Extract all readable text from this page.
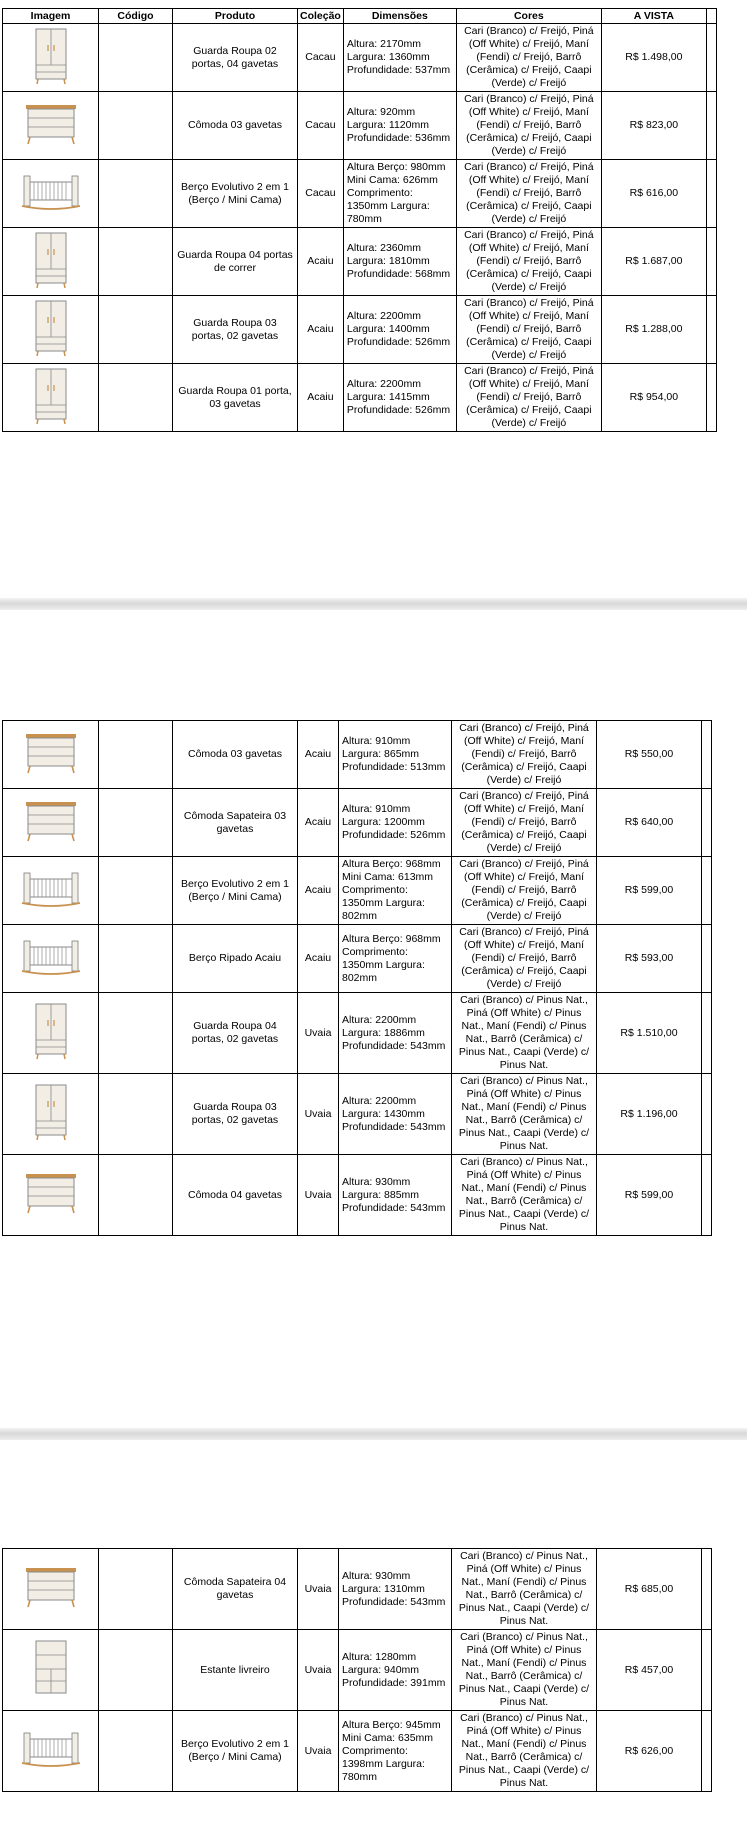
Imagem	Código	Produto	Coleção	Dimensões	Cores	A VISTA	

		Guarda Roupa 02 portas, 04 gavetas	Cacau	Altura: 2170mm Largura: 1360mm Profundidade: 537mm	Cari (Branco) c/ Freijó, Piná (Off White) c/ Freijó, Maní (Fendi) c/ Freijó, Barrô (Cerâmica) c/ Freijó, Caapi (Verde) c/ Freijó	R$ 1.498,00	

		Cômoda 03 gavetas	Cacau	Altura: 920mm Largura: 1120mm Profundidade: 536mm	Cari (Branco) c/ Freijó, Piná (Off White) c/ Freijó, Maní (Fendi) c/ Freijó, Barrô (Cerâmica) c/ Freijó, Caapi (Verde) c/ Freijó	R$ 823,00	

		Berço Evolutivo 2 em 1 (Berço / Mini Cama)	Cacau	Altura Berço: 980mm Mini Cama: 626mm Comprimento: 1350mm Largura: 780mm	Cari (Branco) c/ Freijó, Piná (Off White) c/ Freijó, Maní (Fendi) c/ Freijó, Barrô (Cerâmica) c/ Freijó, Caapi (Verde) c/ Freijó	R$ 616,00	

		Guarda Roupa 04 portas de correr	Acaiu	Altura: 2360mm Largura: 1810mm Profundidade: 568mm	Cari (Branco) c/ Freijó, Piná (Off White) c/ Freijó, Maní (Fendi) c/ Freijó, Barrô (Cerâmica) c/ Freijó, Caapi (Verde) c/ Freijó	R$ 1.687,00	

		Guarda Roupa 03 portas, 02 gavetas	Acaiu	Altura: 2200mm Largura: 1400mm Profundidade: 526mm	Cari (Branco) c/ Freijó, Piná (Off White) c/ Freijó, Maní (Fendi) c/ Freijó, Barrô (Cerâmica) c/ Freijó, Caapi (Verde) c/ Freijó	R$ 1.288,00	

		Guarda Roupa 01 porta, 03 gavetas	Acaiu	Altura: 2200mm Largura: 1415mm Profundidade: 526mm	Cari (Branco) c/ Freijó, Piná (Off White) c/ Freijó, Maní (Fendi) c/ Freijó, Barrô (Cerâmica) c/ Freijó, Caapi (Verde) c/ Freijó	R$ 954,00	
		Cômoda 03 gavetas	Acaiu	Altura: 910mm Largura: 865mm Profundidade: 513mm	Cari (Branco) c/ Freijó, Piná (Off White) c/ Freijó, Maní (Fendi) c/ Freijó, Barrô (Cerâmica) c/ Freijó, Caapi (Verde) c/ Freijó	R$ 550,00	

		Cômoda Sapateira 03 gavetas	Acaiu	Altura: 910mm Largura: 1200mm Profundidade: 526mm	Cari (Branco) c/ Freijó, Piná (Off White) c/ Freijó, Maní (Fendi) c/ Freijó, Barrô (Cerâmica) c/ Freijó, Caapi (Verde) c/ Freijó	R$ 640,00	

		Berço Evolutivo 2 em 1 (Berço / Mini Cama)	Acaiu	Altura Berço: 968mm Mini Cama: 613mm Comprimento: 1350mm Largura: 802mm	Cari (Branco) c/ Freijó, Piná (Off White) c/ Freijó, Maní (Fendi) c/ Freijó, Barrô (Cerâmica) c/ Freijó, Caapi (Verde) c/ Freijó	R$ 599,00	

		Berço Ripado Acaiu	Acaiu	Altura Berço: 968mm Comprimento: 1350mm Largura: 802mm	Cari (Branco) c/ Freijó, Piná (Off White) c/ Freijó, Maní (Fendi) c/ Freijó, Barrô (Cerâmica) c/ Freijó, Caapi (Verde) c/ Freijó	R$ 593,00	

		Guarda Roupa 04 portas, 02 gavetas	Uvaia	Altura: 2200mm Largura: 1886mm Profundidade: 543mm	Cari (Branco) c/ Pinus Nat., Piná (Off White) c/ Pinus Nat., Maní (Fendi) c/ Pinus Nat., Barrô (Cerâmica) c/ Pinus Nat., Caapi (Verde) c/ Pinus Nat.	R$ 1.510,00	

		Guarda Roupa 03 portas, 02 gavetas	Uvaia	Altura: 2200mm Largura: 1430mm Profundidade: 543mm	Cari (Branco) c/ Pinus Nat., Piná (Off White) c/ Pinus Nat., Maní (Fendi) c/ Pinus Nat., Barrô (Cerâmica) c/ Pinus Nat., Caapi (Verde) c/ Pinus Nat.	R$ 1.196,00	

		Cômoda 04 gavetas	Uvaia	Altura: 930mm Largura: 885mm Profundidade: 543mm	Cari (Branco) c/ Pinus Nat., Piná (Off White) c/ Pinus Nat., Maní (Fendi) c/ Pinus Nat., Barrô (Cerâmica) c/ Pinus Nat., Caapi (Verde) c/ Pinus Nat.	R$ 599,00	
		Cômoda Sapateira 04 gavetas	Uvaia	Altura: 930mm Largura: 1310mm Profundidade: 543mm	Cari (Branco) c/ Pinus Nat., Piná (Off White) c/ Pinus Nat., Maní (Fendi) c/ Pinus Nat., Barrô (Cerâmica) c/ Pinus Nat., Caapi (Verde) c/ Pinus Nat.	R$ 685,00	

		Estante livreiro	Uvaia	Altura: 1280mm Largura: 940mm Profundidade: 391mm	Cari (Branco) c/ Pinus Nat., Piná (Off White) c/ Pinus Nat., Maní (Fendi) c/ Pinus Nat., Barrô (Cerâmica) c/ Pinus Nat., Caapi (Verde) c/ Pinus Nat.	R$ 457,00	

		Berço Evolutivo 2 em 1 (Berço / Mini Cama)	Uvaia	Altura Berço: 945mm Mini Cama: 635mm Comprimento: 1398mm Largura: 780mm	Cari (Branco) c/ Pinus Nat., Piná (Off White) c/ Pinus Nat., Maní (Fendi) c/ Pinus Nat., Barrô (Cerâmica) c/ Pinus Nat., Caapi (Verde) c/ Pinus Nat.	R$ 626,00	
